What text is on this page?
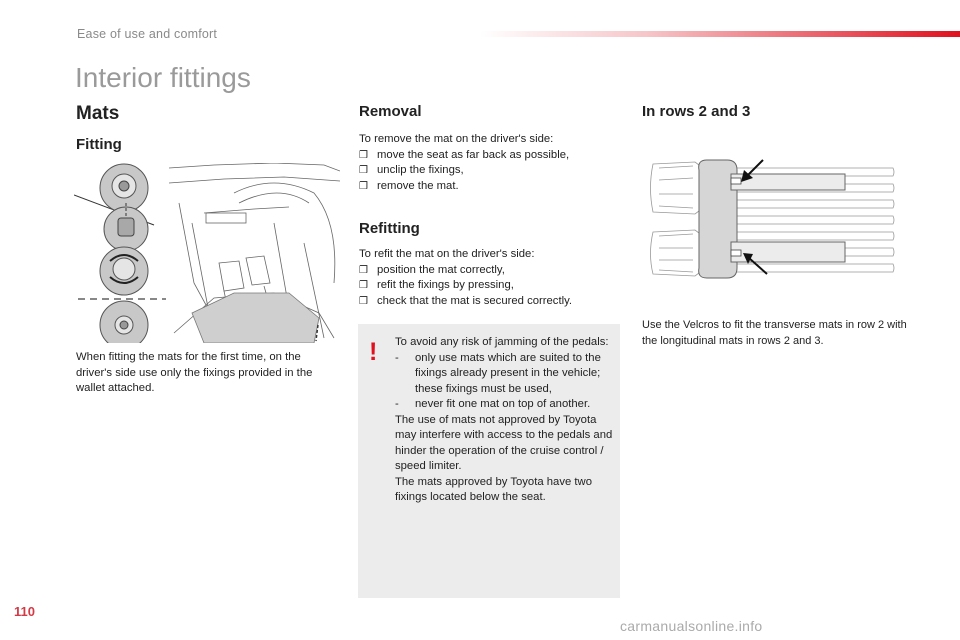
Ease of use and comfort
Interior fittings
Mats
Fitting
When fitting the mats for the first time, on the driver's side use only the fixings provided in the wallet attached.
Removal
To remove the mat on the driver's side:
❒ move the seat as far back as possible,
❒ unclip the fixings,
❒ remove the mat.
Refitting
To refit the mat on the driver's side:
❒ position the mat correctly,
❒ refit the fixings by pressing,
❒ check that the mat is secured correctly.
! To avoid any risk of jamming of the pedals:
- only use mats which are suited to the fixings already present in the vehicle; these fixings must be used,
- never fit one mat on top of another.
The use of mats not approved by Toyota may interfere with access to the pedals and hinder the operation of the cruise control / speed limiter.
The mats approved by Toyota have two fixings located below the seat.
In rows 2 and 3
Use the Velcros to fit the transverse mats in row 2 with the longitudinal mats in rows 2 and 3.
110
carmanualsonline.info
